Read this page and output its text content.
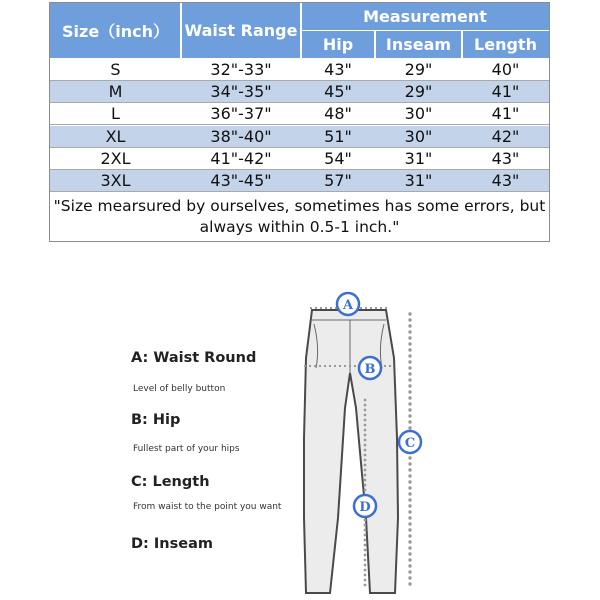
Size（inch） Waist Range
Measurement
Hip	Inseam	Length
S	32"-33"	43"	29"	40"
M	34"-35"	45"	29"	41"
L	36"-37"	48"	30"	41"
XL	38"-40"	51"	30"	42"
2XL	41"-42"	54"	31"	43"
3XL	43"-45"	57"	31"	43"
"Size mearsured by ourselves, sometimes has some errors, but
always within 0.5-1 inch."
A: Waist Round
Level of belly button
B: Hip
Fullest part of your hips
C: Length
From waist to the point you want
D: Inseam
A
B
C
D
